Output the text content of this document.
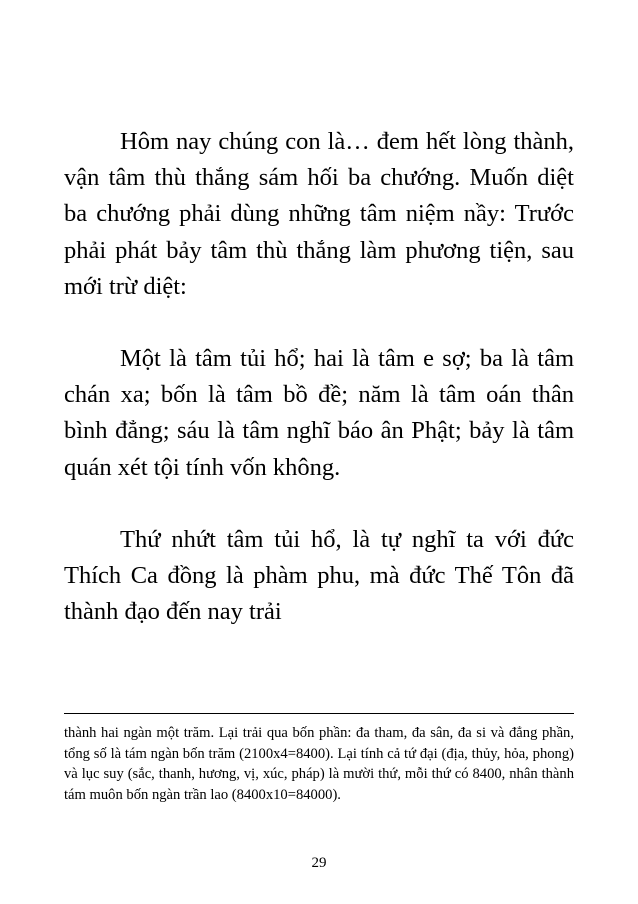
Hôm nay chúng con là… đem hết lòng thành, vận tâm thù thắng sám hối ba chướng. Muốn diệt ba chướng phải dùng những tâm niệm nầy: Trước phải phát bảy tâm thù thắng làm phương tiện, sau mới trừ diệt:

Một là tâm tủi hổ; hai là tâm e sợ; ba là tâm chán xa; bốn là tâm bồ đề; năm là tâm oán thân bình đẳng; sáu là tâm nghĩ báo ân Phật; bảy là tâm quán xét tội tính vốn không.

Thứ nhứt tâm tủi hổ, là tự nghĩ ta với đức Thích Ca đồng là phàm phu, mà đức Thế Tôn đã thành đạo đến nay trải

thành hai ngàn một trăm. Lại trải qua bốn phần: đa tham, đa sân, đa si và đẳng phần, tổng số là tám ngàn bốn trăm (2100x4=8400). Lại tính cả tứ đại (địa, thủy, hỏa, phong) và lục suy (sắc, thanh, hương, vị, xúc, pháp) là mười thứ, mỗi thứ có 8400, nhân thành tám muôn bốn ngàn trần lao (8400x10=84000).

29
